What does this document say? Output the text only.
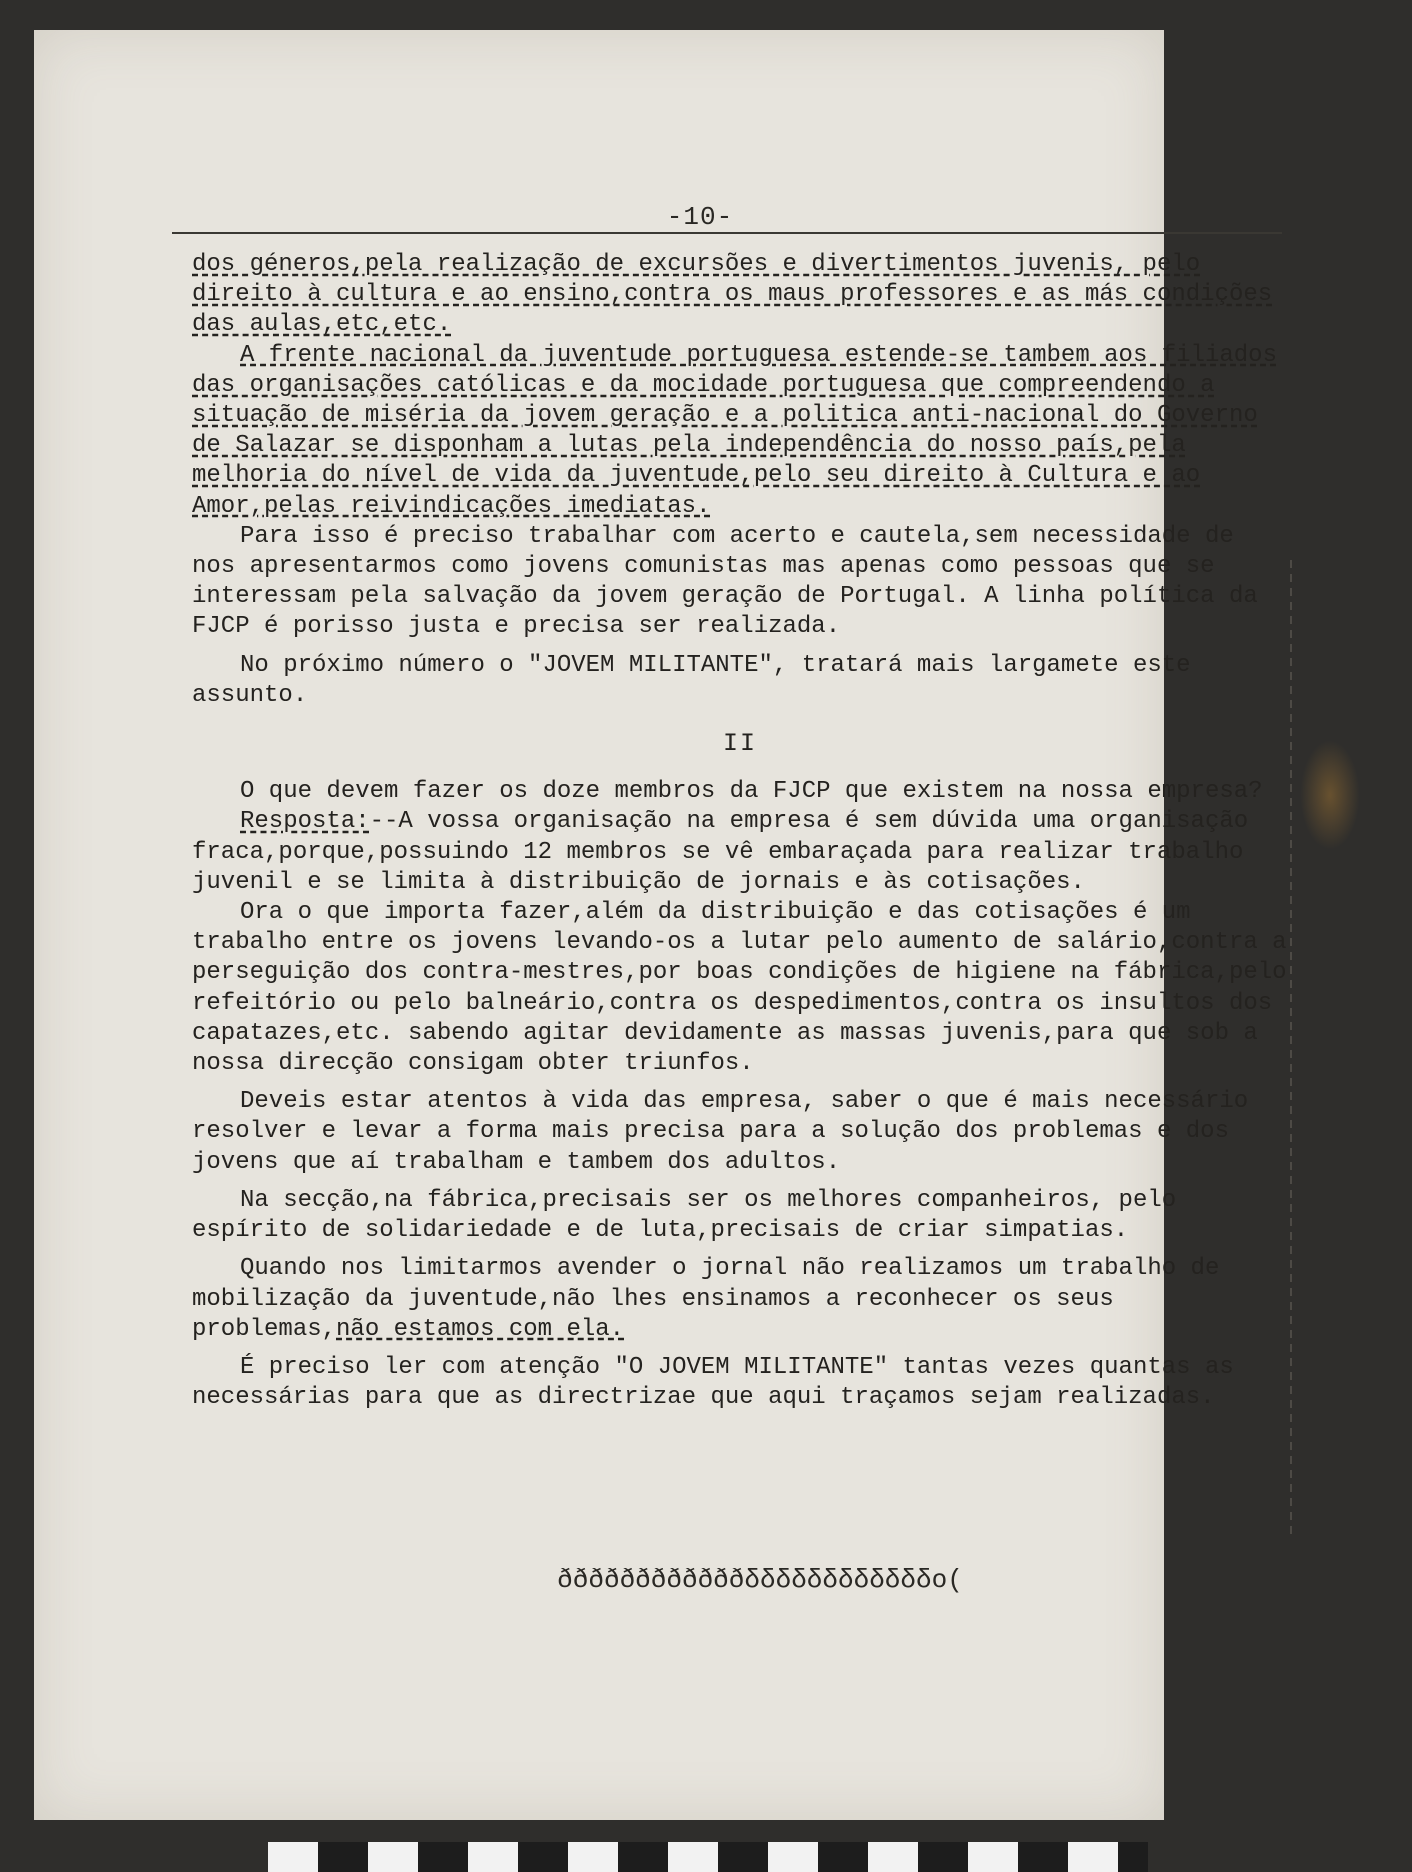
-10-

dos géneros,pela realização de excursões e divertimentos juvenis, pelo direito à cultura e ao ensino,contra os maus professores e as más condições das aulas,etc,etc.

A frente nacional da juventude portuguesa estende-se tambem aos filiados das organisações católicas e da mocidade portuguesa que compreendendo a situação de miséria da jovem geração e a politica anti-nacional do Governo de Salazar se disponham a lutas pela independência do nosso país,pela melhoria do nível de vida da juventude,pelo seu direito à Cultura e ao Amor,pelas reivindicações imediatas.

Para isso é preciso trabalhar com acerto e cautela,sem necessidade de nos apresentarmos como jovens comunistas mas apenas como pessoas que se interessam pela salvação da jovem geração de Portugal. A linha política da FJCP é porisso justa e precisa ser realizada.

No próximo número o "JOVEM MILITANTE", tratará mais largamete este assunto.

II

O que devem fazer os doze membros da FJCP que existem na nossa empresa?

Resposta:--A vossa organisação na empresa é sem dúvida uma organisação fraca,porque,possuindo 12 membros se vê embaraçada para realizar trabalho juvenil e se limita à distribuição de jornais e às cotisações.

Ora o que importa fazer,além da distribuição e das cotisações é um trabalho entre os jovens levando-os a lutar pelo aumento de salário,contra a perseguição dos contra-mestres,por boas condições de higiene na fábrica,pelo refeitório ou pelo balneário,contra os despedimentos,contra os insultos dos capatazes,etc. sabendo agitar devidamente as massas juvenis,para que sob a nossa direcção consigam obter triunfos.

Deveis estar atentos à vida das empresa, saber o que é mais necessário resolver e levar a forma mais precisa para a solução dos problemas e dos jovens que aí trabalham e tambem dos adultos.

Na secção,na fábrica,precisais ser os melhores companheiros, pelo espírito de solidariedade e de luta,precisais de criar simpatias.

Quando nos limitarmos avender o jornal não realizamos um trabalho de mobilização da juventude,não lhes ensinamos a reconhecer os seus problemas,não estamos com ela.

É preciso ler com atenção "O JOVEM MILITANTE" tantas vezes quantas as necessárias para que as directrizae que aqui traçamos sejam realizadas.

ððððððððððððδδδδδδδδδδδδo(
